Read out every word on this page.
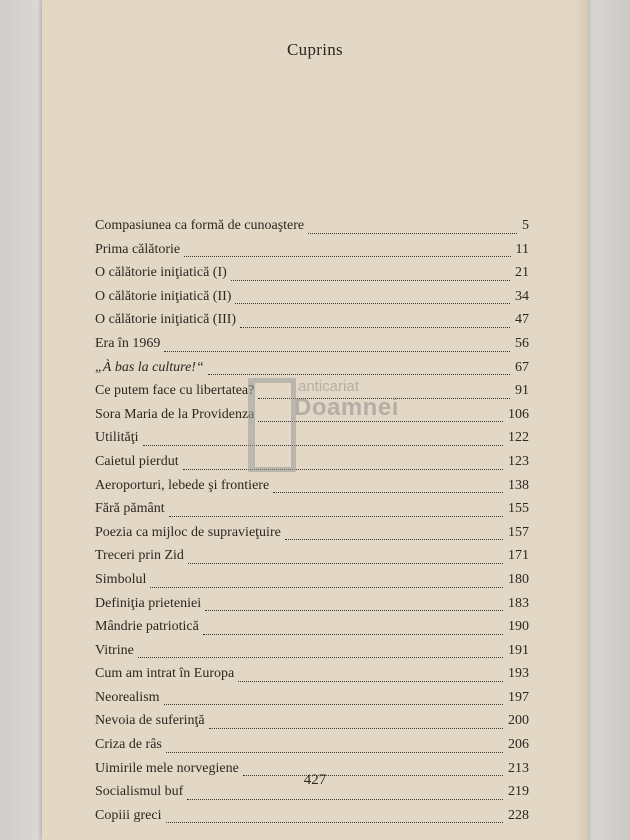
Cuprins
Compasiunea ca formă de cunoaştere	5
Prima călătorie	11
O călătorie iniţiatică (I)	21
O călătorie iniţiatică (II)	34
O călătorie iniţiatică (III)	47
Era în 1969	56
„À bas la culture!“	67
Ce putem face cu libertatea?	91
Sora Maria de la Providenza	106
Utilităţi	122
Caietul pierdut	123
Aeroporturi, lebede şi frontiere	138
Fără pământ	155
Poezia ca mijloc de supravieţuire	157
Treceri prin Zid	171
Simbolul	180
Definiţia prieteniei	183
Mândrie patriotică	190
Vitrine	191
Cum am intrat în Europa	193
Neorealism	197
Nevoia de suferinţă	200
Criza de râs	206
Uimirile mele norvegiene	213
Socialismul buf	219
Copiii greci	228
427
anticariat
Doamnei
